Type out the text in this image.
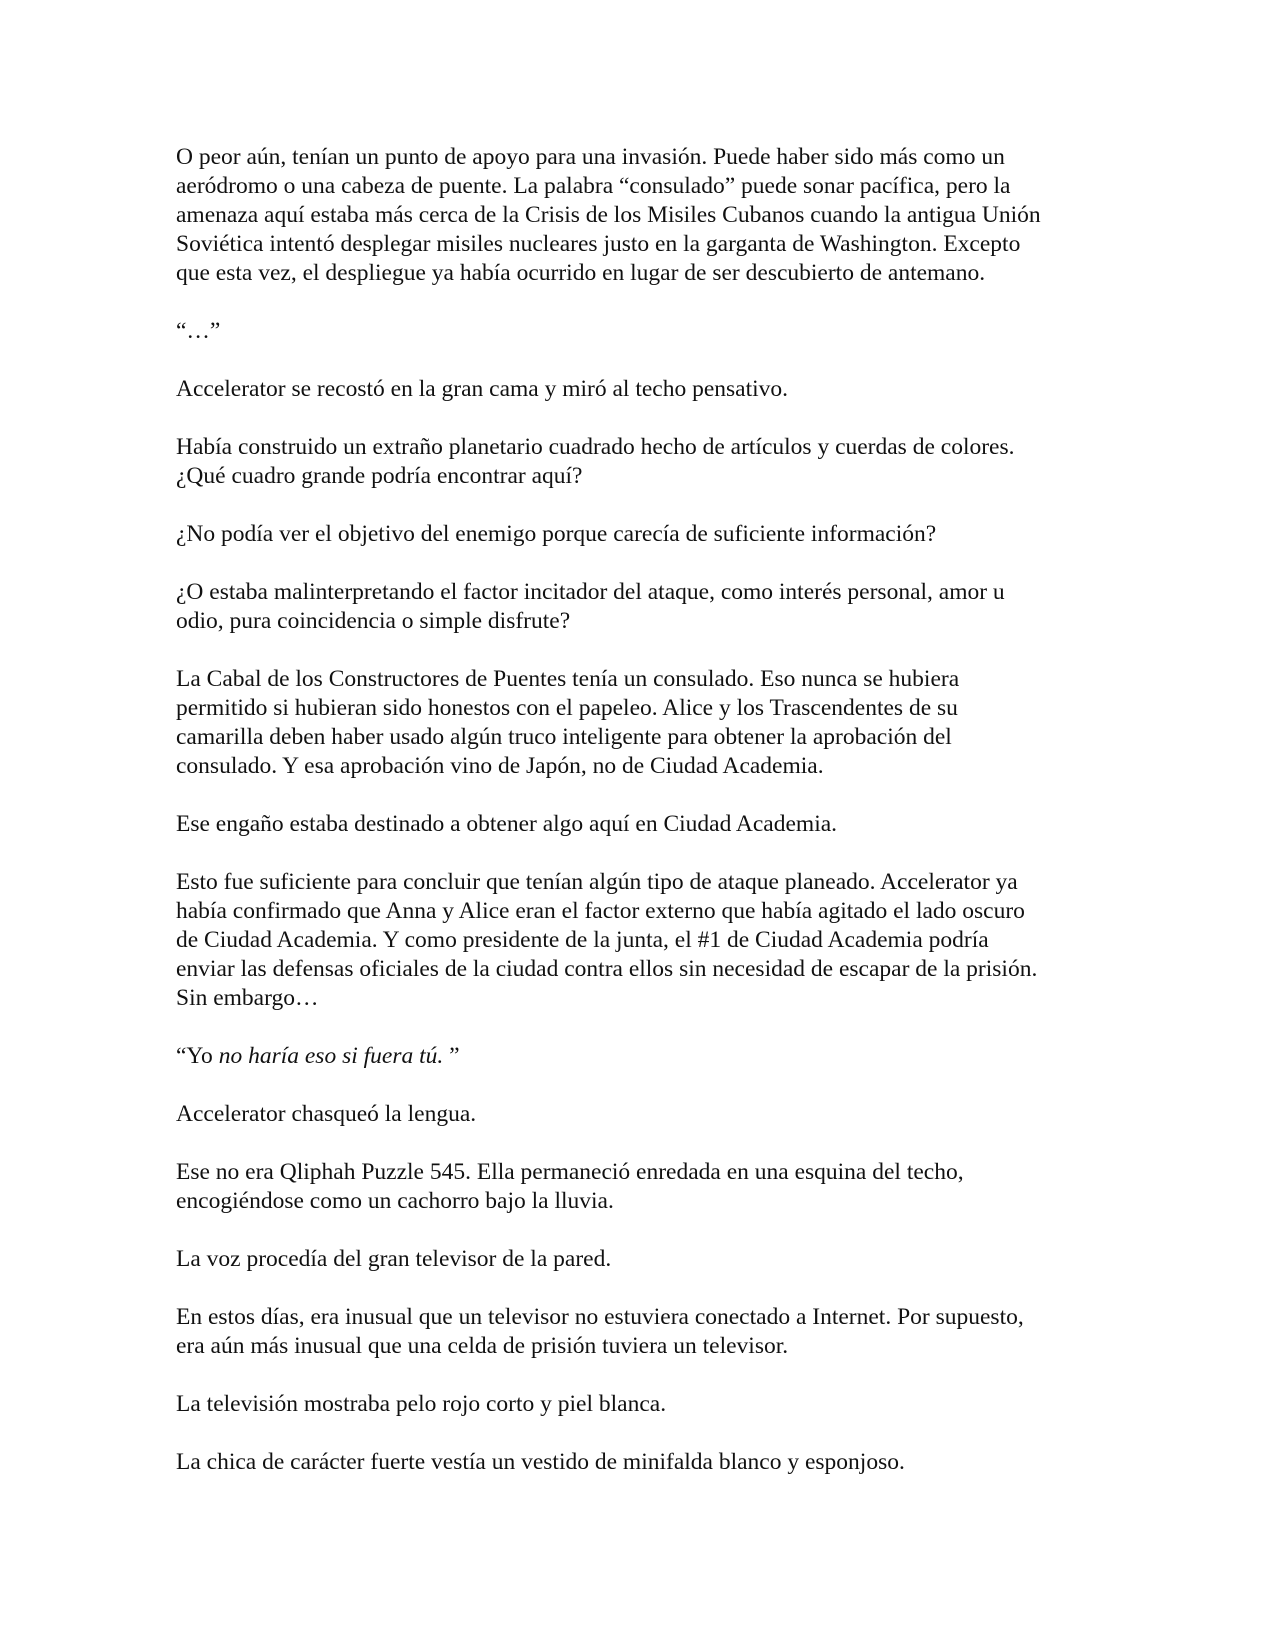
O peor aún, tenían un punto de apoyo para una invasión. Puede haber sido más como un
aeródromo o una cabeza de puente. La palabra “consulado” puede sonar pacífica, pero la
amenaza aquí estaba más cerca de la Crisis de los Misiles Cubanos cuando la antigua Unión
Soviética intentó desplegar misiles nucleares justo en la garganta de Washington. Excepto
que esta vez, el despliegue ya había ocurrido en lugar de ser descubierto de antemano.

“…”

Accelerator se recostó en la gran cama y miró al techo pensativo.

Había construido un extraño planetario cuadrado hecho de artículos y cuerdas de colores.
¿Qué cuadro grande podría encontrar aquí?

¿No podía ver el objetivo del enemigo porque carecía de suficiente información?

¿O estaba malinterpretando el factor incitador del ataque, como interés personal, amor u
odio, pura coincidencia o simple disfrute?

La Cabal de los Constructores de Puentes tenía un consulado. Eso nunca se hubiera
permitido si hubieran sido honestos con el papeleo. Alice y los Trascendentes de su
camarilla deben haber usado algún truco inteligente para obtener la aprobación del
consulado. Y esa aprobación vino de Japón, no de Ciudad Academia.

Ese engaño estaba destinado a obtener algo aquí en Ciudad Academia.

Esto fue suficiente para concluir que tenían algún tipo de ataque planeado. Accelerator ya
había confirmado que Anna y Alice eran el factor externo que había agitado el lado oscuro
de Ciudad Academia. Y como presidente de la junta, el #1 de Ciudad Academia podría
enviar las defensas oficiales de la ciudad contra ellos sin necesidad de escapar de la prisión.
Sin embargo…

“Yo no haría eso si fuera tú. ”

Accelerator chasqueó la lengua.

Ese no era Qliphah Puzzle 545. Ella permaneció enredada en una esquina del techo,
encogiéndose como un cachorro bajo la lluvia.

La voz procedía del gran televisor de la pared.

En estos días, era inusual que un televisor no estuviera conectado a Internet. Por supuesto,
era aún más inusual que una celda de prisión tuviera un televisor.

La televisión mostraba pelo rojo corto y piel blanca.

La chica de carácter fuerte vestía un vestido de minifalda blanco y esponjoso.
